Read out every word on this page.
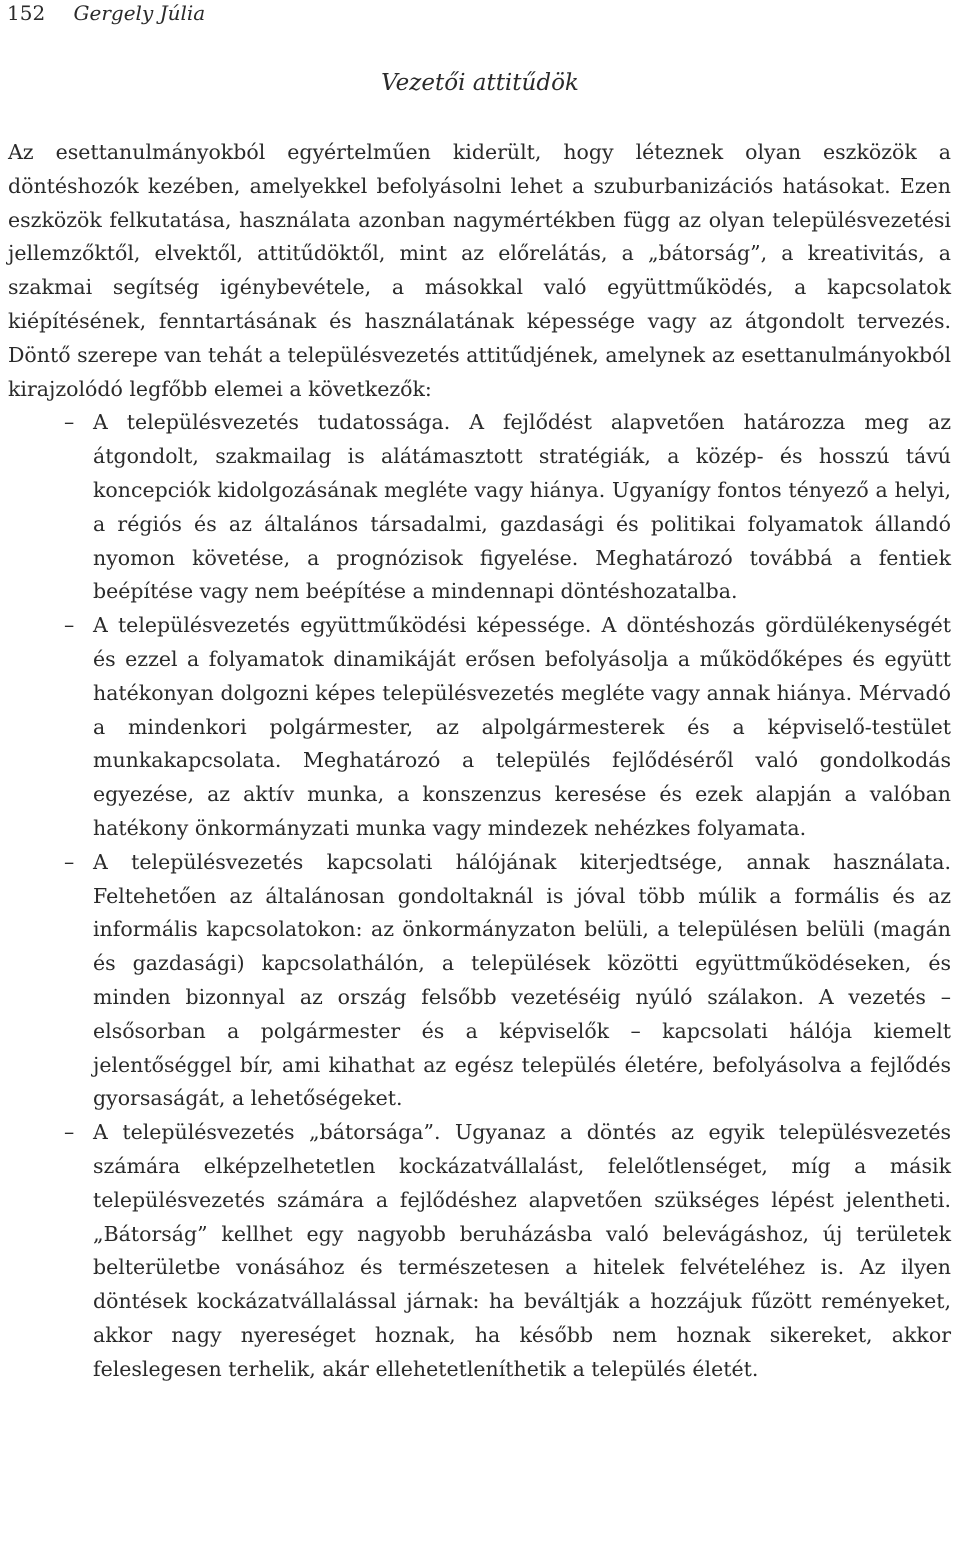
152 Gergely Júlia
Vezetői attitűdök

Az esettanulmányokból egyértelműen kiderült, hogy léteznek olyan eszközök a döntéshozók kezében, amelyekkel befolyásolni lehet a szuburbanizációs hatásokat. Ezen eszközök felkutatása, használata azonban nagymértékben függ az olyan településvezetési jellemzőktől, elvektől, attitűdöktől, mint az előrelátás, a „bátorság”, a kreativitás, a szakmai segítség igénybevétele, a másokkal való együttműködés, a kapcsolatok kiépítésének, fenntartásának és használatának képessége vagy az átgondolt tervezés. Döntő szerepe van tehát a településvezetés attitűdjének, amelynek az esettanulmányokból kirajzolódó legfőbb elemei a következők:

– A településvezetés tudatossága. A fejlődést alapvetően határozza meg az átgondolt, szakmailag is alátámasztott stratégiák, a közép- és hosszú távú koncepciók kidolgozásának megléte vagy hiánya. Ugyanígy fontos tényező a helyi, a régiós és az általános társadalmi, gazdasági és politikai folyamatok állandó nyomon követése, a prognózisok figyelése. Meghatározó továbbá a fentiek beépítése vagy nem beépítése a mindennapi döntéshozatalba.
– A településvezetés együttműködési képessége. A döntéshozás gördülékenységét és ezzel a folyamatok dinamikáját erősen befolyásolja a működőképes és együtt hatékonyan dolgozni képes településvezetés megléte vagy annak hiánya. Mérvadó a mindenkori polgármester, az alpolgármesterek és a képviselő-testület munkakapcsolata. Meghatározó a település fejlődéséről való gondolkodás egyezése, az aktív munka, a konszenzus keresése és ezek alapján a valóban hatékony önkormányzati munka vagy mindezek nehézkes folyamata.
– A településvezetés kapcsolati hálójának kiterjedtsége, annak használata. Feltehetően az általánosan gondoltaknál is jóval több múlik a formális és az informális kapcsolatokon: az önkormányzaton belüli, a településen belüli (magán és gazdasági) kapcsolathálón, a települések közötti együttműködéseken, és minden bizonnyal az ország felsőbb vezetéséig nyúló szálakon. A vezetés – elsősorban a polgármester és a képviselők – kapcsolati hálója kiemelt jelentőséggel bír, ami kihathat az egész település életére, befolyásolva a fejlődés gyorsaságát, a lehetőségeket.
– A településvezetés „bátorsága”. Ugyanaz a döntés az egyik településvezetés számára elképzelhetetlen kockázatvállalást, felelőtlenséget, míg a másik településvezetés számára a fejlődéshez alapvetően szükséges lépést jelentheti. „Bátorság” kellhet egy nagyobb beruházásba való belevágáshoz, új területek belterületbe vonásához és természetesen a hitelek felvételéhez is. Az ilyen döntések kockázatvállalással járnak: ha beváltják a hozzájuk fűzött reményeket, akkor nagy nyereséget hoznak, ha később nem hoznak sikereket, akkor feleslegesen terhelik, akár ellehetetleníthetik a település életét.
